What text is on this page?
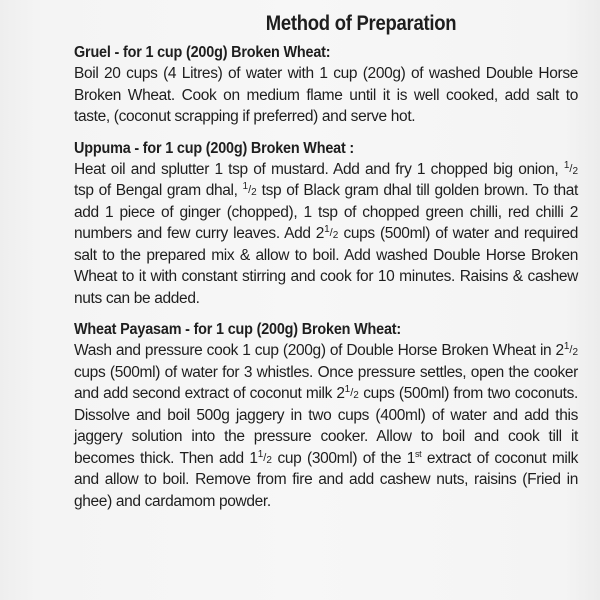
Method of Preparation
Gruel - for 1 cup (200g) Broken Wheat:
Boil 20 cups (4 Litres) of water with 1 cup (200g) of washed Double Horse Broken Wheat. Cook on medium flame until it is well cooked, add salt to taste, (coconut scrapping if preferred) and serve hot.
Uppuma - for 1 cup (200g) Broken Wheat :
Heat oil and splutter 1 tsp of mustard. Add and fry 1 chopped big onion, 1/2 tsp of Bengal gram dhal, 1/2 tsp of Black gram dhal till golden brown. To that add 1 piece of ginger (chopped), 1 tsp of chopped green chilli, red chilli 2 numbers and few curry leaves. Add 21/2 cups (500ml) of water and required salt to the prepared mix & allow to boil. Add washed Double Horse Broken Wheat to it with constant stirring and cook for 10 minutes. Raisins & cashew nuts can be added.
Wheat Payasam - for 1 cup (200g) Broken Wheat:
Wash and pressure cook 1 cup (200g) of Double Horse Broken Wheat in 21/2 cups (500ml) of water for 3 whistles. Once pressure settles, open the cooker and add second extract of coconut milk 21/2 cups (500ml) from two coconuts. Dissolve and boil 500g jaggery in two cups (400ml) of water and add this jaggery solution into the pressure cooker. Allow to boil and cook till it becomes thick. Then add 11/2 cup (300ml) of the 1st extract of coconut milk and allow to boil. Remove from fire and add cashew nuts, raisins (Fried in ghee) and cardamom powder.
